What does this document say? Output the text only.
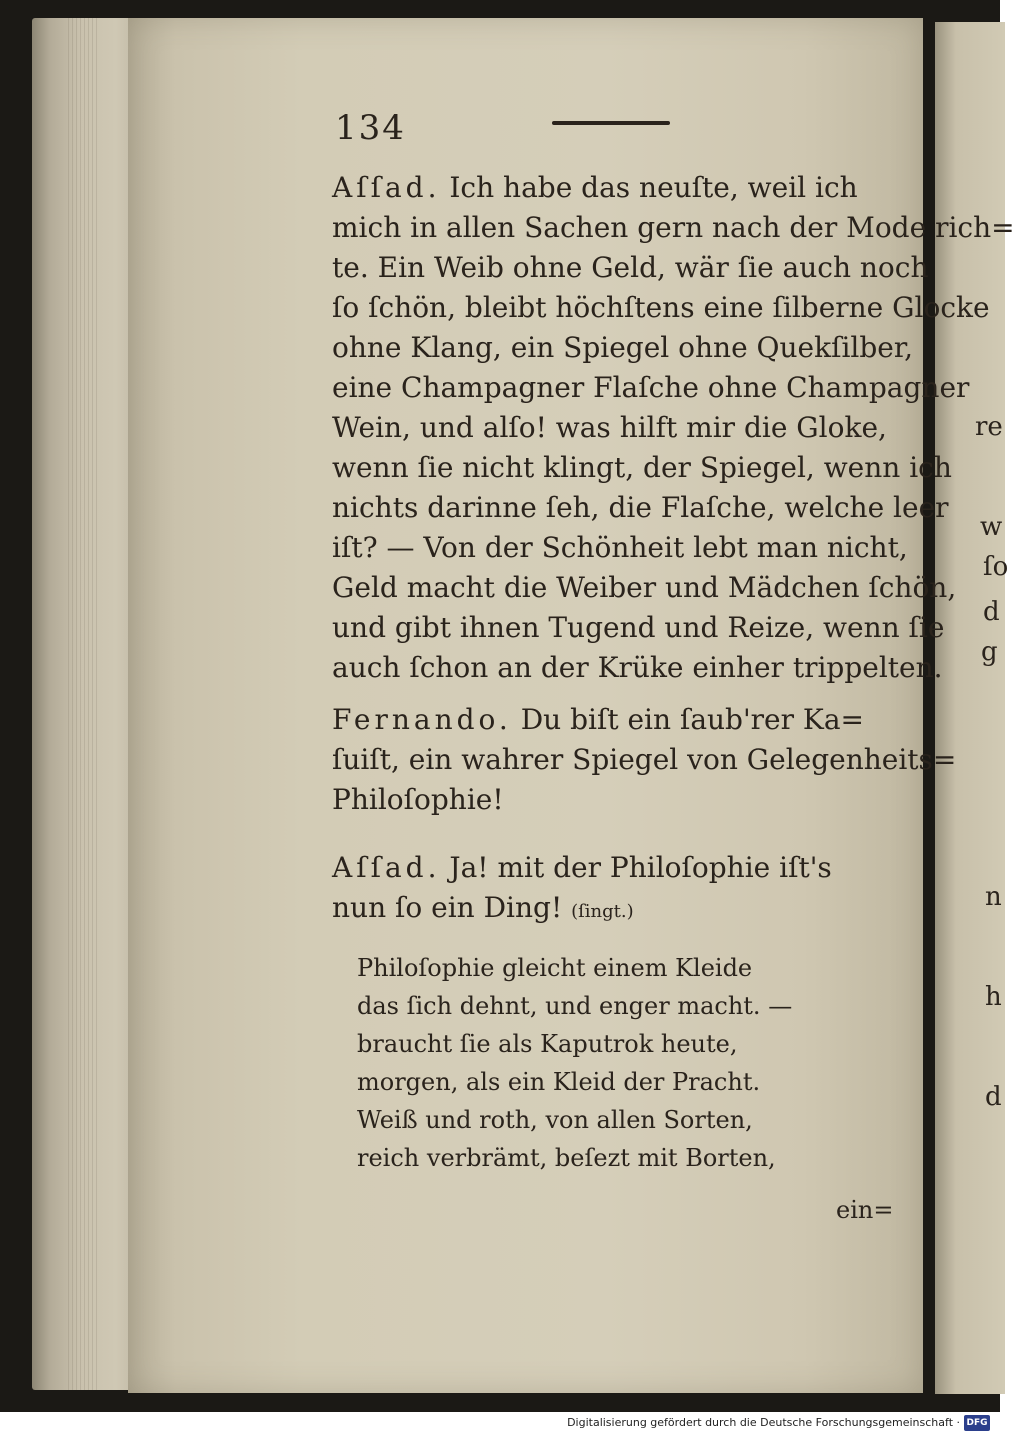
re
w
ſo
d
g
n
h
d
134
Aſſad. Ich habe das neuſte, weil ich
mich in allen Sachen gern nach der Mode rich=
te. Ein Weib ohne Geld, wär ſie auch noch
ſo ſchön, bleibt höchſtens eine ſilberne Glocke
ohne Klang, ein Spiegel ohne Quekſilber,
eine Champagner Flaſche ohne Champagner
Wein, und alſo! was hilft mir die Gloke,
wenn ſie nicht klingt, der Spiegel, wenn ich
nichts darinne ſeh, die Flaſche, welche leer
iſt? — Von der Schönheit lebt man nicht,
Geld macht die Weiber und Mädchen ſchön,
und gibt ihnen Tugend und Reize, wenn ſie
auch ſchon an der Krüke einher trippelten.
Fernando. Du biſt ein ſaub'rer Ka=
ſuiſt, ein wahrer Spiegel von Gelegenheits=
Philoſophie!
Aſſad. Ja! mit der Philoſophie iſt's
nun ſo ein Ding! (ſingt.)
Philoſophie gleicht einem Kleide
das ſich dehnt, und enger macht. —
braucht ſie als Kaputrok heute,
morgen, als ein Kleid der Pracht.
Weiß und roth, von allen Sorten,
reich verbrämt, beſezt mit Borten,
ein=
Digitalisierung gefördert durch die Deutsche Forschungsgemeinschaft · DFG
